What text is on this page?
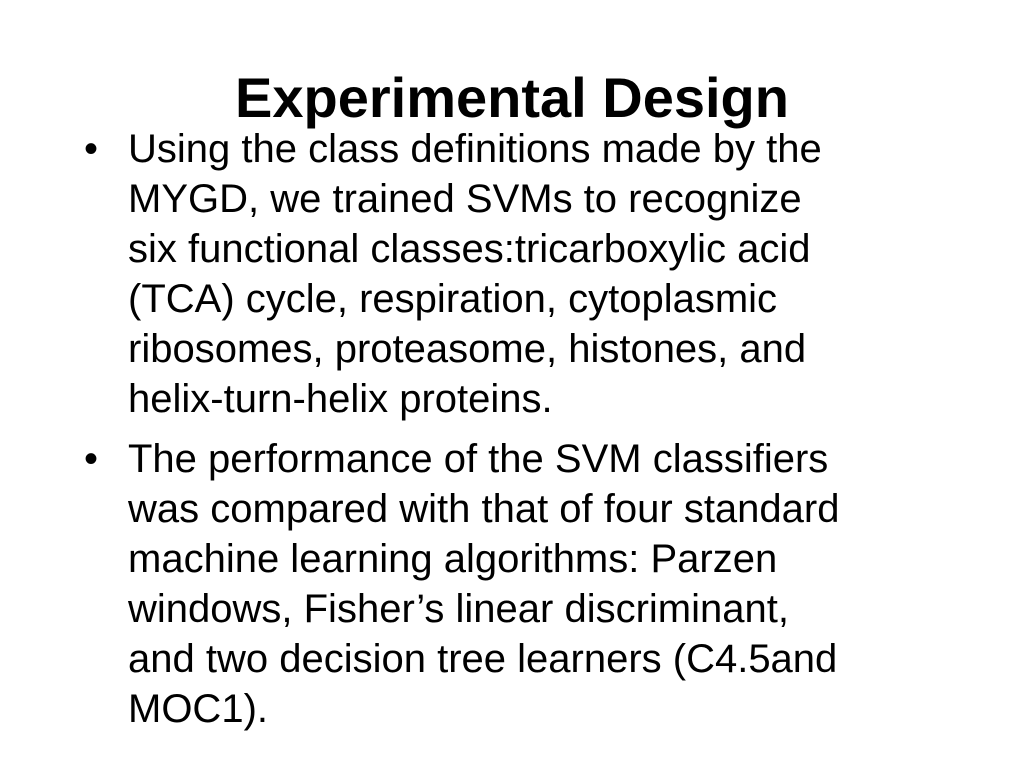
Experimental Design
• Using the class definitions made by the
MYGD, we trained SVMs to recognize
six functional classes:tricarboxylic acid
(TCA) cycle, respiration, cytoplasmic
ribosomes, proteasome, histones, and
helix-turn-helix proteins.
• The performance of the SVM classifiers
was compared with that of four standard
machine learning algorithms: Parzen
windows, Fisher’s linear discriminant,
and two decision tree learners (C4.5and
MOC1).
